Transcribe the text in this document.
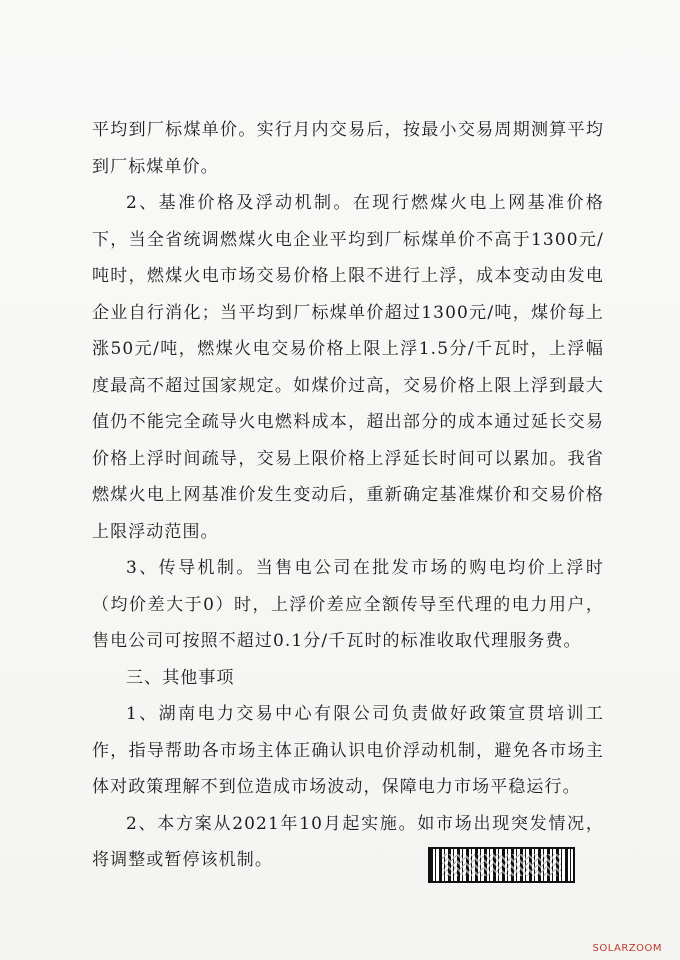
平均到厂标煤单价。实行月内交易后，按最小交易周期测算平均到厂标煤单价。

2、基准价格及浮动机制。在现行燃煤火电上网基准价格下，当全省统调燃煤火电企业平均到厂标煤单价不高于1300元/吨时，燃煤火电市场交易价格上限不进行上浮，成本变动由发电企业自行消化；当平均到厂标煤单价超过1300元/吨，煤价每上涨50元/吨，燃煤火电交易价格上限上浮1.5分/千瓦时，上浮幅度最高不超过国家规定。如煤价过高，交易价格上限上浮到最大值仍不能完全疏导火电燃料成本，超出部分的成本通过延长交易价格上浮时间疏导，交易上限价格上浮延长时间可以累加。我省燃煤火电上网基准价发生变动后，重新确定基准煤价和交易价格上限浮动范围。

3、传导机制。当售电公司在批发市场的购电均价上浮时（均价差大于0）时，上浮价差应全额传导至代理的电力用户，售电公司可按照不超过0.1分/千瓦时的标准收取代理服务费。

三、其他事项

1、湖南电力交易中心有限公司负责做好政策宣贯培训工作，指导帮助各市场主体正确认识电价浮动机制，避免各市场主体对政策理解不到位造成市场波动，保障电力市场平稳运行。

2、本方案从2021年10月起实施。如市场出现突发情况，将调整或暂停该机制。

SOLARZOOM
